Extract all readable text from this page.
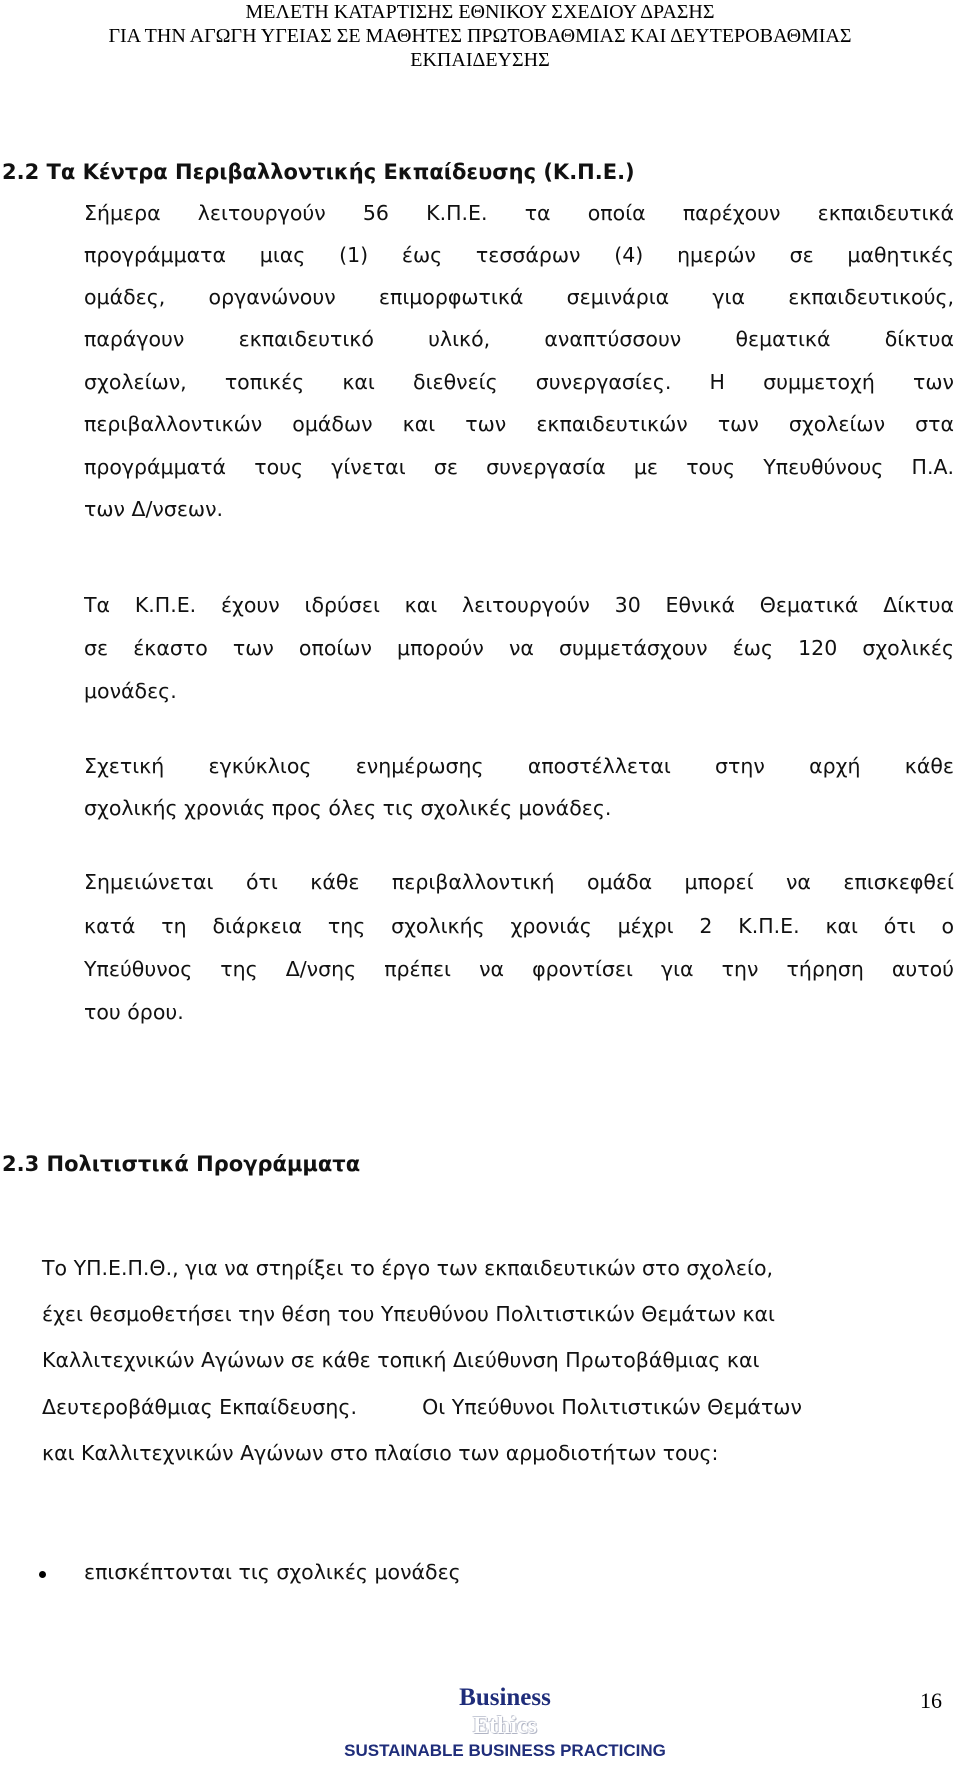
ΜΕΛΕΤΗ ΚΑΤΑΡΤΙΣΗΣ ΕΘΝΙΚΟΥ ΣΧΕΔΙΟΥ ΔΡΑΣΗΣ
ΓΙΑ ΤΗΝ ΑΓΩΓΗ ΥΓΕΙΑΣ ΣΕ ΜΑΘΗΤΕΣ ΠΡΩΤΟΒΑΘΜΙΑΣ ΚΑΙ ΔΕΥΤΕΡΟΒΑΘΜΙΑΣ
ΕΚΠΑΙΔΕΥΣΗΣ
2.2 Τα Κέντρα Περιβαλλοντικής Εκπαίδευσης (Κ.Π.Ε.)
Σήμερα λειτουργούν 56 Κ.Π.Ε. τα οποία παρέχουν εκπαιδευτικά
προγράμματα μιας (1) έως τεσσάρων (4) ημερών σε μαθητικές
ομάδες, οργανώνουν επιμορφωτικά σεμινάρια για εκπαιδευτικούς,
παράγουν εκπαιδευτικό υλικό, αναπτύσσουν θεματικά δίκτυα
σχολείων, τοπικές και διεθνείς συνεργασίες. Η συμμετοχή των
περιβαλλοντικών ομάδων και των εκπαιδευτικών των σχολείων στα
προγράμματά τους γίνεται σε συνεργασία με τους Υπευθύνους Π.Α.
των Δ/νσεων.
Τα Κ.Π.Ε. έχουν ιδρύσει και λειτουργούν 30 Εθνικά Θεματικά Δίκτυα
σε έκαστο των οποίων μπορούν να συμμετάσχουν έως 120 σχολικές
μονάδες.
Σχετική εγκύκλιος ενημέρωσης αποστέλλεται στην αρχή κάθε
σχολικής χρονιάς προς όλες τις σχολικές μονάδες.
Σημειώνεται ότι κάθε περιβαλλοντική ομάδα μπορεί να επισκεφθεί
κατά τη διάρκεια της σχολικής χρονιάς μέχρι 2 Κ.Π.Ε. και ότι ο
Υπεύθυνος της Δ/νσης πρέπει να φροντίσει για την τήρηση αυτού
του όρου.
2.3 Πολιτιστικά Προγράμματα
Το ΥΠ.Ε.Π.Θ., για να στηρίξει το έργο των εκπαιδευτικών στο σχολείο,
έχει θεσμοθετήσει την θέση του Υπευθύνου Πολιτιστικών Θεμάτων και
Καλλιτεχνικών Αγώνων σε κάθε τοπική Διεύθυνση Πρωτοβάθμιας και
Δευτεροβάθμιας Εκπαίδευσης.          Οι Υπεύθυνοι Πολιτιστικών Θεμάτων
και Καλλιτεχνικών Αγώνων στο πλαίσιο των αρμοδιοτήτων τους:
επισκέπτονται τις σχολικές μονάδες
Business
Ethics
SUSTAINABLE BUSINESS PRACTICING
16
